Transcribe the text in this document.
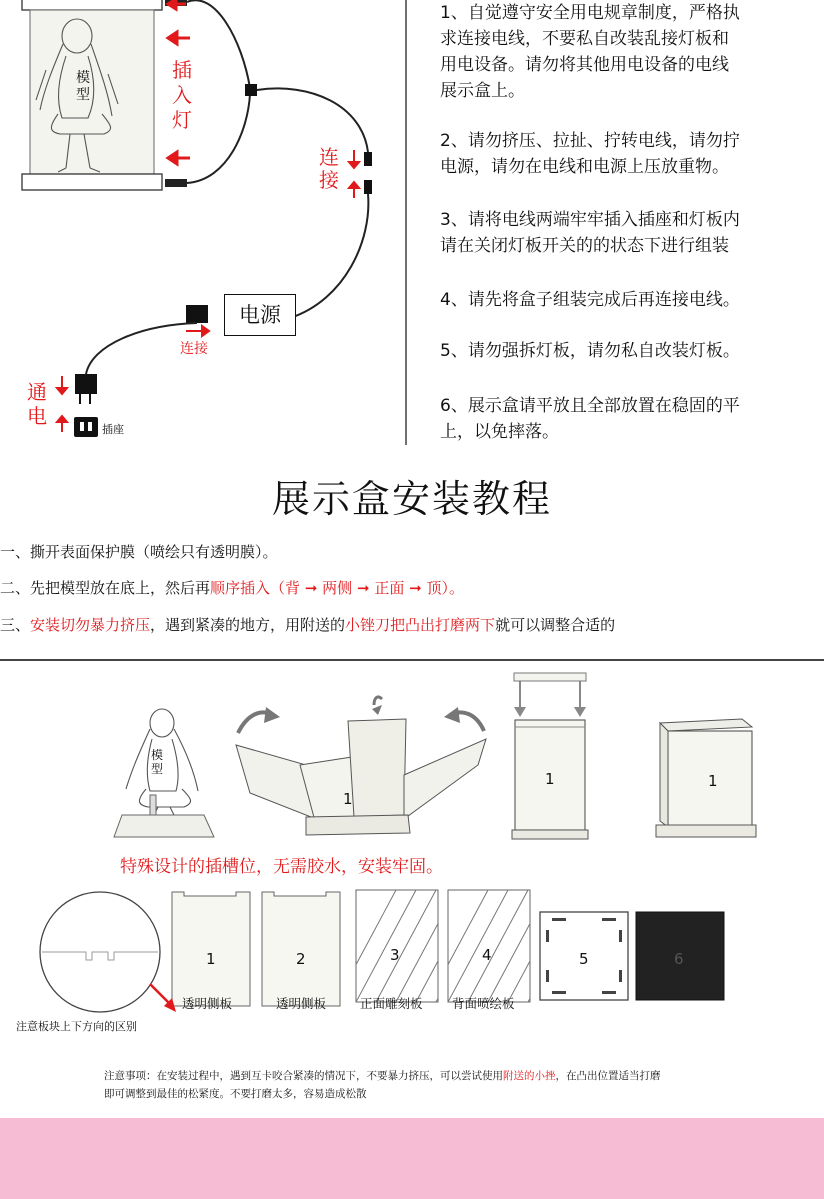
模型
插入灯
连接
电源
连接
通电
插座
1、自觉遵守安全用电规章制度，严格执
求连接电线，不要私自改装乱接灯板和
用电设备。请勿将其他用电设备的电线
展示盒上。
2、请勿挤压、拉扯、拧转电线，请勿拧
电源，请勿在电线和电源上压放重物。
3、请将电线两端牢牢插入插座和灯板内
请在关闭灯板开关的的状态下进行组装
4、请先将盒子组装完成后再连接电线。
5、请勿强拆灯板，请勿私自改装灯板。
6、展示盒请平放且全部放置在稳固的平
上，以免摔落。
展示盒安装教程
一、撕开表面保护膜（喷绘只有透明膜）。
二、先把模型放在底上，然后再顺序插入（背 ➞ 两侧 ➞ 正面 ➞ 顶）。
三、安装切勿暴力挤压，遇到紧凑的地方，用附送的小锉刀把凸出打磨两下就可以调整合适的
模型
1
1	1
特殊设计的插槽位，无需胶水，安装牢固。
1	2	3	4	5	6
透明侧板	透明侧板	正面雕刻板 背面喷绘板
注意板块上下方向的区别
注意事项：在安装过程中，遇到互卡咬合紧凑的情况下，不要暴力挤压，可以尝试使用附送的小挫，在凸出位置适当打磨
即可调整到最佳的松紧度。不要打磨太多，容易造成松散
